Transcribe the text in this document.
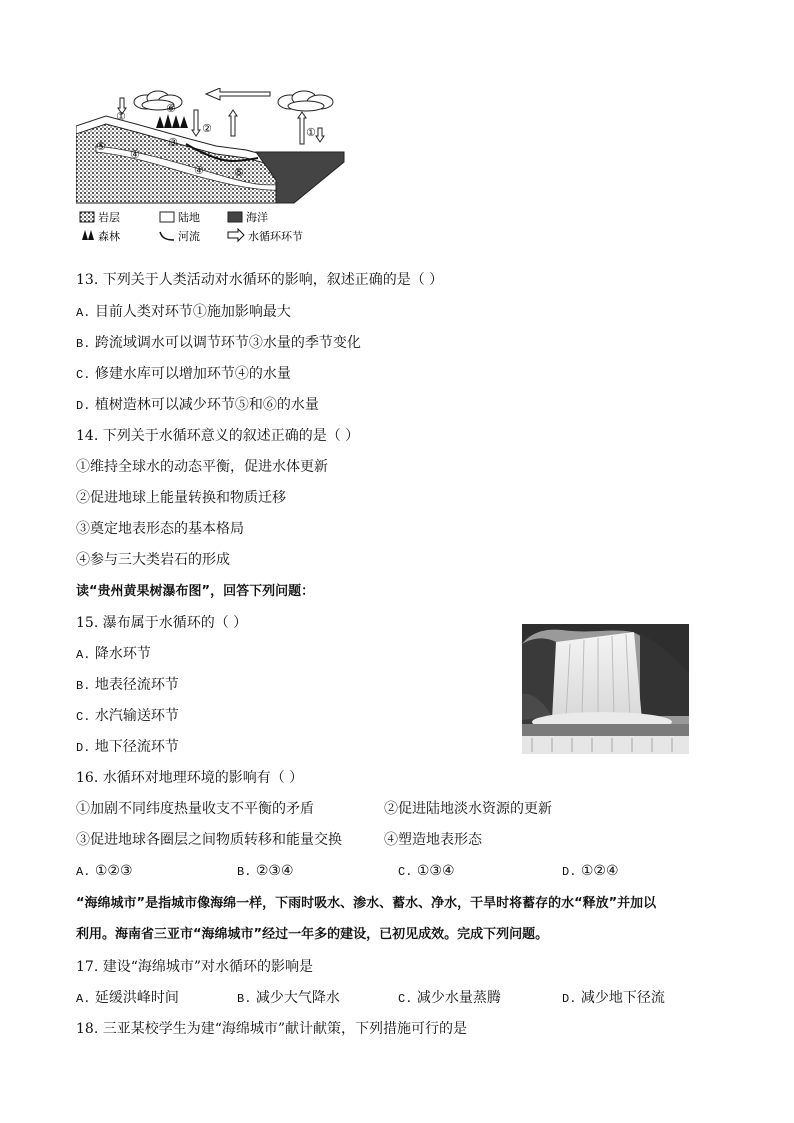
①
⑥
②
③
④
⑤
④	⑤
①
岩层	陆地	海洋
森林	河流	水循环环节
13. 下列关于人类活动对水循环的影响，叙述正确的是（ ）
A. 目前人类对环节①施加影响最大
B. 跨流域调水可以调节环节③水量的季节变化
C. 修建水库可以增加环节④的水量
D. 植树造林可以减少环节⑤和⑥的水量
14. 下列关于水循环意义的叙述正确的是（ ）
①维持全球水的动态平衡，促进水体更新
②促进地球上能量转换和物质迁移
③奠定地表形态的基本格局
④参与三大类岩石的形成
读“贵州黄果树瀑布图”，回答下列问题：
15. 瀑布属于水循环的（ ）
A. 降水环节
B. 地表径流环节
C. 水汽输送环节
D. 地下径流环节
16. 水循环对地理环境的影响有（ ）
①加剧不同纬度热量收支不平衡的矛盾	②促进陆地淡水资源的更新
③促进地球各圈层之间物质转移和能量交换	④塑造地表形态
A. ①②③	B. ②③④	C. ①③④	D. ①②④
“海绵城市”是指城市像海绵一样，下雨时吸水、渗水、蓄水、净水，干旱时将蓄存的水“释放”并加以
利用。海南省三亚市“海绵城市”经过一年多的建设，已初见成效。完成下列问题。
17. 建设“海绵城市”对水循环的影响是
A. 延缓洪峰时间	B. 减少大气降水	C. 减少水量蒸腾	D. 减少地下径流
18. 三亚某校学生为建“海绵城市”献计献策，下列措施可行的是
